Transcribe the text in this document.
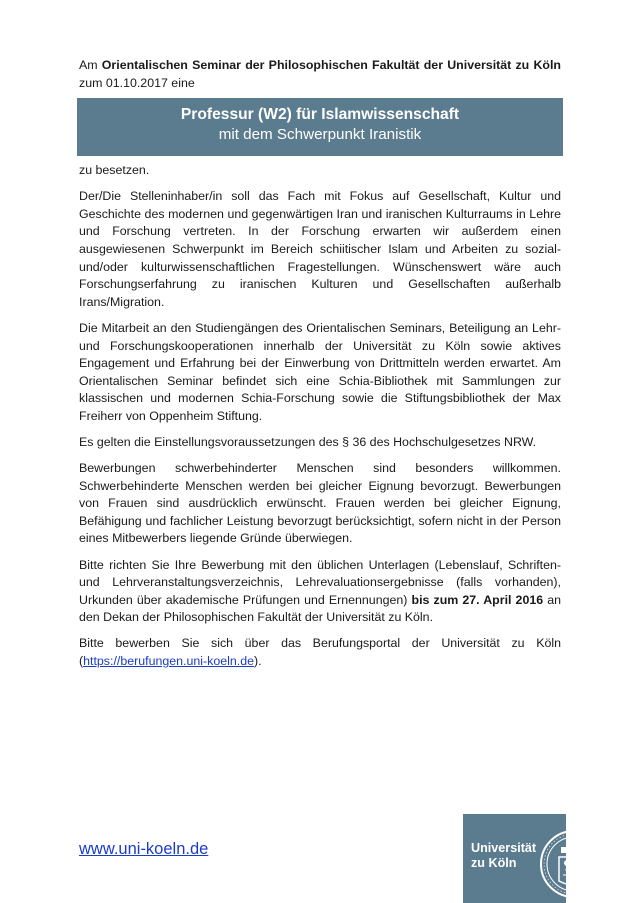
Am Orientalischen Seminar der Philosophischen Fakultät der Universität zu Köln zum 01.10.2017 eine

Professur (W2) für Islamwissenschaft
mit dem Schwerpunkt Iranistik

zu besetzen.

Der/Die Stelleninhaber/in soll das Fach mit Fokus auf Gesellschaft, Kultur und Geschichte des modernen und gegenwärtigen Iran und iranischen Kulturraums in Lehre und Forschung vertreten. In der Forschung erwarten wir außerdem einen ausgewiesenen Schwerpunkt im Bereich schiitischer Islam und Arbeiten zu sozial- und/oder kulturwissenschaftlichen Fragestellungen. Wünschenswert wäre auch Forschungserfahrung zu iranischen Kulturen und Gesellschaften außerhalb Irans/Migration.

Die Mitarbeit an den Studiengängen des Orientalischen Seminars, Beteiligung an Lehr- und Forschungskooperationen innerhalb der Universität zu Köln sowie aktives Engagement und Erfahrung bei der Einwerbung von Drittmitteln werden erwartet. Am Orientalischen Seminar befindet sich eine Schia-Bibliothek mit Sammlungen zur klassischen und modernen Schia-Forschung sowie die Stiftungsbibliothek der Max Freiherr von Oppenheim Stiftung.

Es gelten die Einstellungsvoraussetzungen des § 36 des Hochschulgesetzes NRW.

Bewerbungen schwerbehinderter Menschen sind besonders willkommen. Schwerbehinderte Menschen werden bei gleicher Eignung bevorzugt. Bewerbungen von Frauen sind ausdrücklich erwünscht. Frauen werden bei gleicher Eignung, Befähigung und fachlicher Leistung bevorzugt berücksichtigt, sofern nicht in der Person eines Mitbewerbers liegende Gründe überwiegen.

Bitte richten Sie Ihre Bewerbung mit den üblichen Unterlagen (Lebenslauf, Schriften- und Lehrveranstaltungsverzeichnis, Lehrevaluationsergebnisse (falls vorhanden), Urkunden über akademische Prüfungen und Ernennungen) bis zum 27. April 2016 an den Dekan der Philosophischen Fakultät der Universität zu Köln.

Bitte bewerben Sie sich über das Berufungsportal der Universität zu Köln (https://berufungen.uni-koeln.de).

www.uni-koeln.de	Universität
zu Köln
